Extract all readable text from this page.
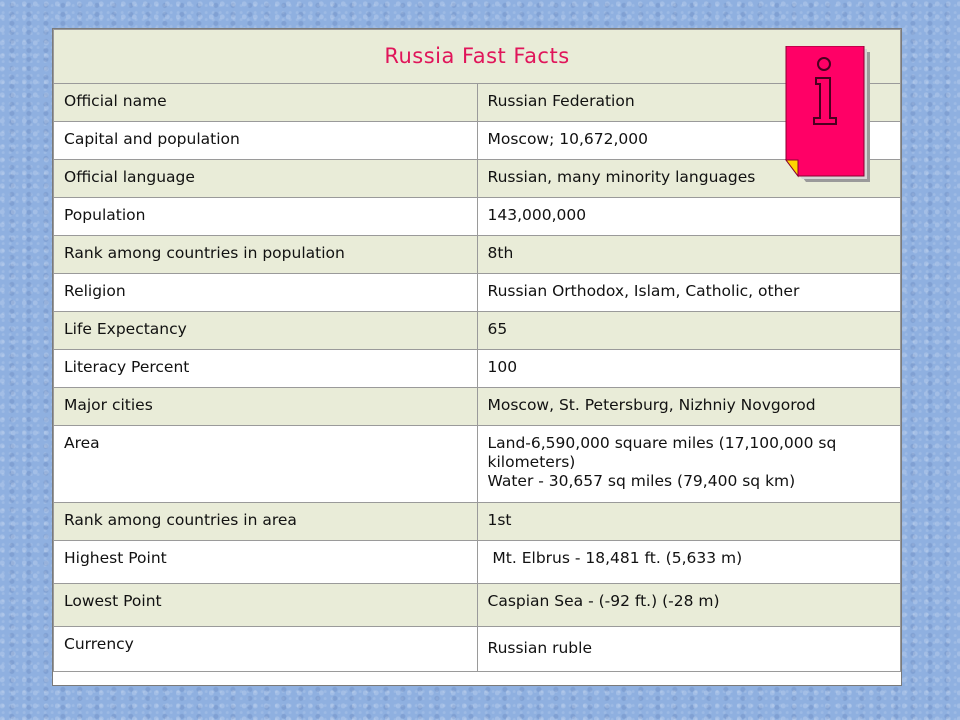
Russia Fast Facts	
Official name	Russian Federation
Capital and population	Moscow; 10,672,000
Official language	Russian, many minority languages
Population	143,000,000
Rank among countries in population	8th
Religion	Russian Orthodox, Islam, Catholic, other
Life Expectancy	65
Literacy Percent	100
Major cities	Moscow, St. Petersburg, Nizhniy Novgorod
Area	Land-6,590,000 square miles (17,100,000 sq kilometers)
Water - 30,657 sq miles (79,400 sq km)

Rank among countries in area	1st
Highest Point	Mt. Elbrus - 18,481 ft. (5,633 m)
Lowest Point	Caspian Sea - (-92 ft.) (-28 m)
Currency	Russian ruble
